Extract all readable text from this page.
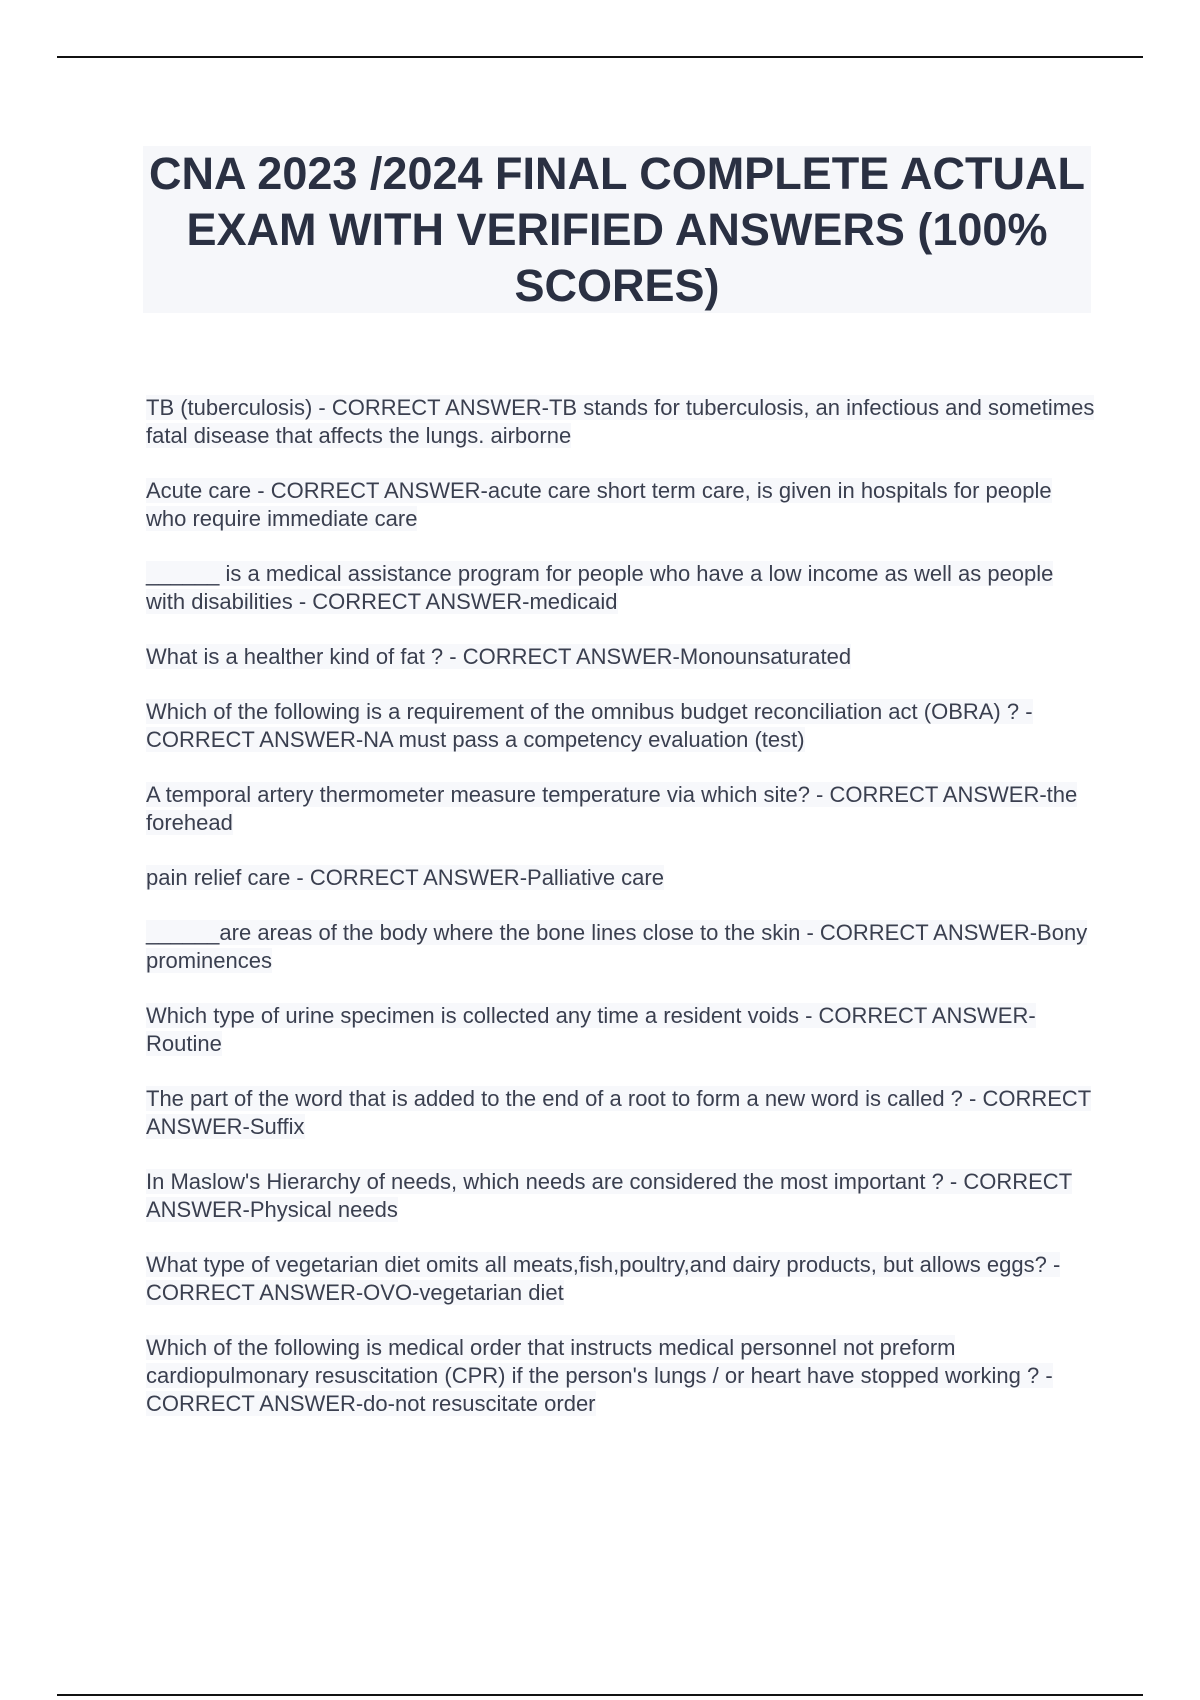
CNA 2023 /2024 FINAL COMPLETE ACTUAL EXAM WITH VERIFIED ANSWERS (100% SCORES)

TB (tuberculosis) - CORRECT ANSWER-TB stands for tuberculosis, an infectious and sometimes fatal disease that affects the lungs. airborne

Acute care - CORRECT ANSWER-acute care short term care, is given in hospitals for people who require immediate care

______ is a medical assistance program for people who have a low income as well as people with disabilities - CORRECT ANSWER-medicaid

What is a healther kind of fat ? - CORRECT ANSWER-Monounsaturated

Which of the following is a requirement of the omnibus budget reconciliation act (OBRA) ? - CORRECT ANSWER-NA must pass a competency evaluation (test)

A temporal artery thermometer measure temperature via which site? - CORRECT ANSWER-the forehead

pain relief care - CORRECT ANSWER-Palliative care

______are areas of the body where the bone lines close to the skin - CORRECT ANSWER-Bony prominences

Which type of urine specimen is collected any time a resident voids - CORRECT ANSWER-Routine

The part of the word that is added to the end of a root to form a new word is called ? - CORRECT ANSWER-Suffix

In Maslow's Hierarchy of needs, which needs are considered the most important ? - CORRECT ANSWER-Physical needs

What type of vegetarian diet omits all meats,fish,poultry,and dairy products, but allows eggs? - CORRECT ANSWER-OVO-vegetarian diet

Which of the following is medical order that instructs medical personnel not preform cardiopulmonary resuscitation (CPR) if the person's lungs / or heart have stopped working ? - CORRECT ANSWER-do-not resuscitate order
